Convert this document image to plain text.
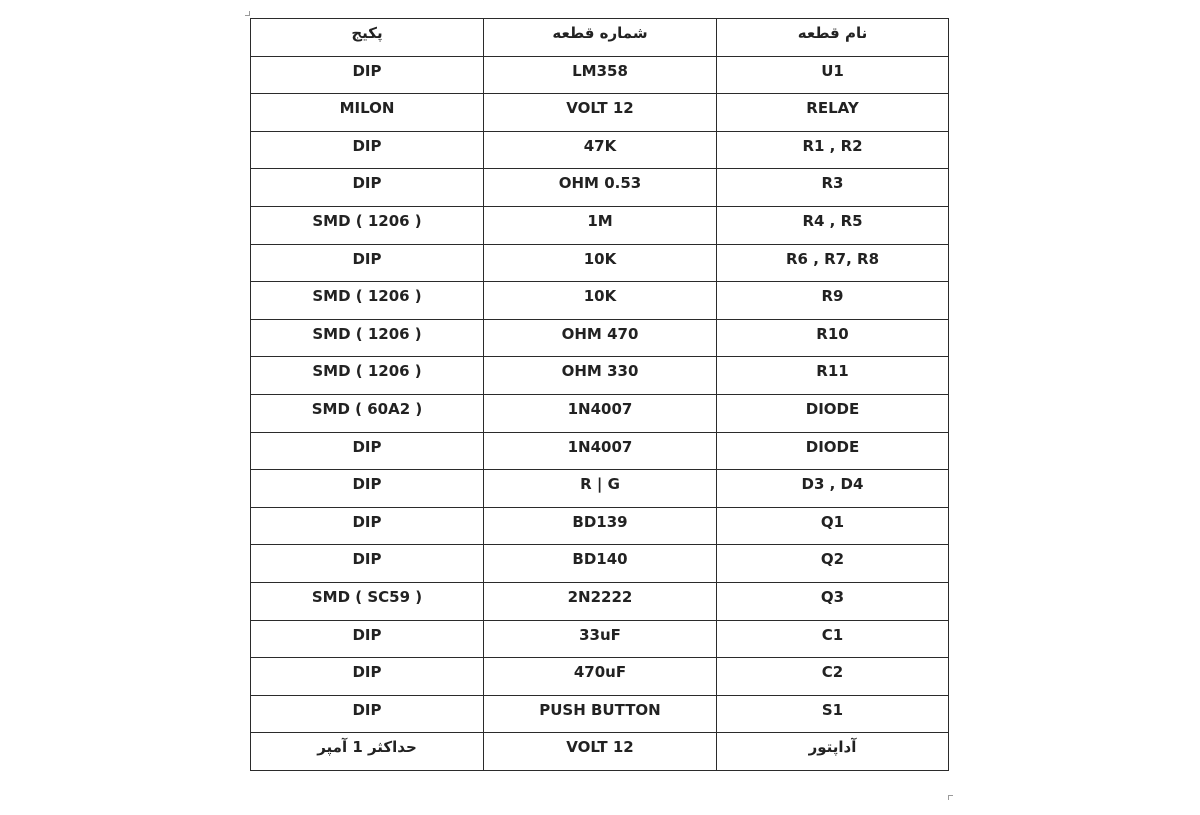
نام قطعه	شماره قطعه	پکیج
U1	LM358	DIP
RELAY	12 VOLT	MILON
R1 , R2	47K	DIP
R3	0.53 OHM	DIP
R4 , R5	1M	SMD ( 1206 )
R6 , R7, R8	10K	DIP
R9	10K	SMD ( 1206 )
R10	470 OHM	SMD ( 1206 )
R11	330 OHM	SMD ( 1206 )
DIODE	1N4007	SMD ( 60A2 )
DIODE	1N4007	DIP
D3 , D4	R | G	DIP
Q1	BD139	DIP
Q2	BD140	DIP
Q3	2N2222	SMD ( SC59 )
C1	33uF	DIP
C2	470uF	DIP
S1	PUSH BUTTON	DIP
آداپتور	12 VOLT	حداکثر 1 آمپر
